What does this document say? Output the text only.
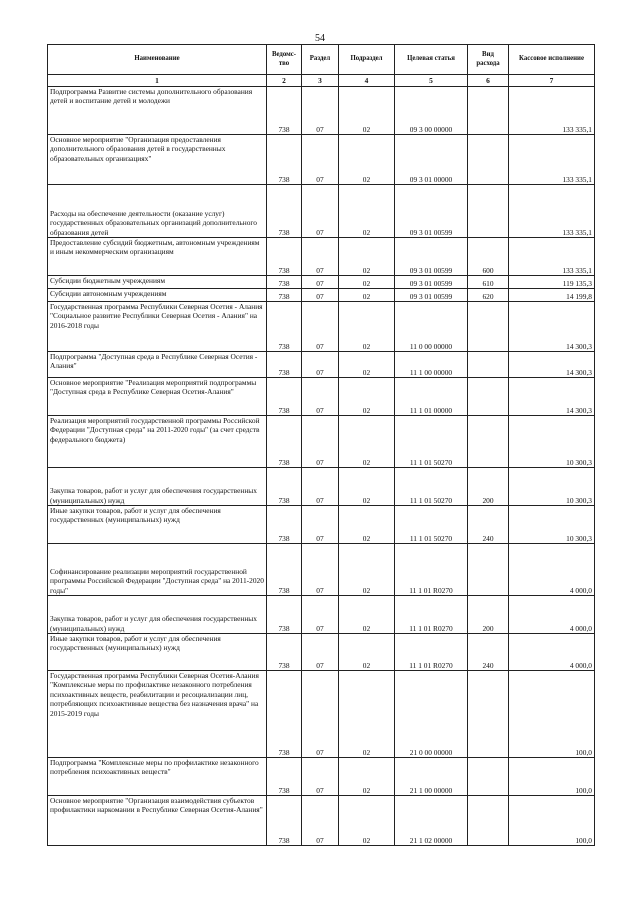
54
Наименование	Ведомс-тво	Раздел	Подраздел	Целевая статья	Вид расхода	Кассовое исполнение
1	2	3	4	5	6	7
Подпрограмма Развитие системы дополнительного образования детей и воспитание детей и молодежи	738	07	02	09 3 00 00000		133 335,1
Основное мероприятие "Организация предоставления дополнительного образования детей в государственных образовательных организациях"	738	07	02	09 3 01 00000		133 335,1
Расходы на обеспечение деятельности (оказание услуг) государственных образовательных организаций дополнительного образования детей	738	07	02	09 3 01 00599		133 335,1
Предоставление субсидий бюджетным, автономным учреждениям и иным некоммерческим организациям	738	07	02	09 3 01 00599	600	133 335,1
Субсидии бюджетным учреждениям	738	07	02	09 3 01 00599	610	119 135,3
Субсидии автономным учреждениям	738	07	02	09 3 01 00599	620	14 199,8
Государственная программа Республики Северная Осетия - Алания "Социальное развитие Республики Северная Осетия - Алания" на 2016-2018 годы	738	07	02	11 0 00 00000		14 300,3
Подпрограмма "Доступная среда в Республике Северная Осетия - Алания"	738	07	02	11 1 00 00000		14 300,3
Основное мероприятие "Реализация мероприятий подпрограммы "Доступная среда в Республике Северная Осетия-Алания"	738	07	02	11 1 01 00000		14 300,3
Реализация мероприятий государственной программы Российской Федерации "Доступная среда" на 2011-2020 годы" (за счет средств федерального бюджета)	738	07	02	11 1 01 50270		10 300,3
Закупка товаров, работ и услуг для обеспечения государственных (муниципальных) нужд	738	07	02	11 1 01 50270	200	10 300,3
Иные закупки товаров, работ и услуг для обеспечения государственных (муниципальных) нужд	738	07	02	11 1 01 50270	240	10 300,3
Софинансирование реализации мероприятий государственной программы Российской Федерации "Доступная среда" на 2011-2020 годы"	738	07	02	11 1 01 R0270		4 000,0
Закупка товаров, работ и услуг для обеспечения государственных (муниципальных) нужд	738	07	02	11 1 01 R0270	200	4 000,0
Иные закупки товаров, работ и услуг для обеспечения государственных (муниципальных) нужд	738	07	02	11 1 01 R0270	240	4 000,0
Государственная программа Республики Северная Осетия-Алания "Комплексные меры по профилактике незаконного потребления психоактивных веществ, реабилитации и ресоциализации лиц, потребляющих психоактивные вещества без назначения врача" на 2015-2019 годы	738	07	02	21 0 00 00000		100,0
Подпрограмма "Комплексные меры по профилактике незаконного потребления психоактивных веществ"	738	07	02	21 1 00 00000		100,0
Основное мероприятие "Организация взаимодействия субъектов профилактики наркомании в Республике Северная Осетия-Алания"	738	07	02	21 1 02 00000		100,0
